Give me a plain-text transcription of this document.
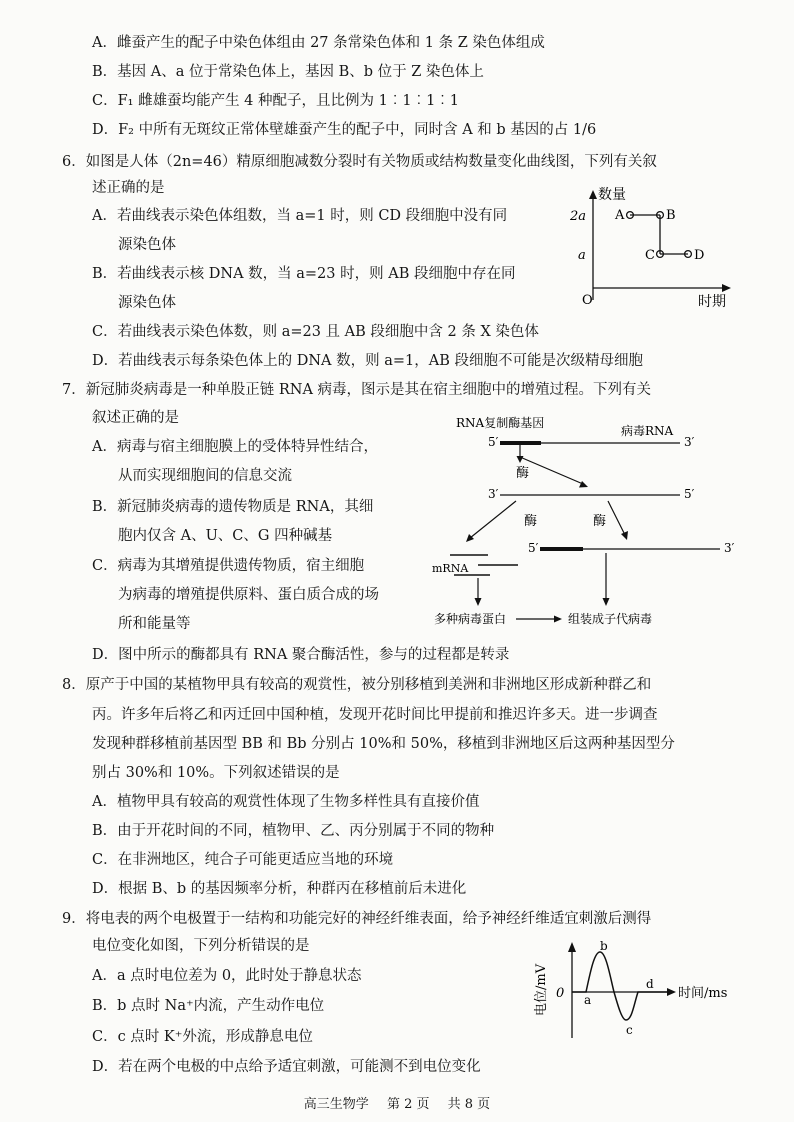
A．雌蚕产生的配子中染色体组由 27 条常染色体和 1 条 Z 染色体组成
B．基因 A、a 位于常染色体上，基因 B、b 位于 Z 染色体上
C．F₁ 雌雄蚕均能产生 4 种配子，且比例为 1︰1︰1︰1
D．F₂ 中所有无斑纹正常体壁雄蚕产生的配子中，同时含 A 和 b 基因的占 1/6
6．如图是人体（2n=46）精原细胞减数分裂时有关物质或结构数量变化曲线图，下列有关叙
述正确的是
A．若曲线表示染色体组数，当 a=1 时，则 CD 段细胞中没有同
源染色体
B．若曲线表示核 DNA 数，当 a=23 时，则 AB 段细胞中存在同
源染色体
C．若曲线表示染色体数，则 a=23 且 AB 段细胞中含 2 条 X 染色体
D．若曲线表示每条染色体上的 DNA 数，则 a=1，AB 段细胞不可能是次级精母细胞
数量
时期
O
2a
a
A	B
C	D
7．新冠肺炎病毒是一种单股正链 RNA 病毒，图示是其在宿主细胞中的增殖过程。下列有关
叙述正确的是
A．病毒与宿主细胞膜上的受体特异性结合，
从而实现细胞间的信息交流
B．新冠肺炎病毒的遗传物质是 RNA，其细
胞内仅含 A、U、C、G 四种碱基
C．病毒为其增殖提供遗传物质，宿主细胞
为病毒的增殖提供原料、蛋白质合成的场
所和能量等
D．图中所示的酶都具有 RNA 聚合酶活性，参与的过程都是转录
RNA复制酶基因
病毒RNA
5′	3′
酶
3′	5′
酶	酶
5′	3′
mRNA
多种病毒蛋白	组装成子代病毒
8．原产于中国的某植物甲具有较高的观赏性，被分别移植到美洲和非洲地区形成新种群乙和
丙。许多年后将乙和丙迁回中国种植，发现开花时间比甲提前和推迟许多天。进一步调查
发现种群移植前基因型 BB 和 Bb 分别占 10%和 50%，移植到非洲地区后这两种基因型分
别占 30%和 10%。下列叙述错误的是
A．植物甲具有较高的观赏性体现了生物多样性具有直接价值
B．由于开花时间的不同，植物甲、乙、丙分别属于不同的物种
C．在非洲地区，纯合子可能更适应当地的环境
D．根据 B、b 的基因频率分析，种群丙在移植前后未进化
9．将电表的两个电极置于一结构和功能完好的神经纤维表面，给予神经纤维适宜刺激后测得
电位变化如图，下列分析错误的是
A．a 点时电位差为 0，此时处于静息状态
B．b 点时 Na⁺内流，产生动作电位
C．c 点时 K⁺外流，形成静息电位
D．若在两个电极的中点给予适宜刺激，可能测不到电位变化
电位/mV	时间/ms
0 a
b
c
d
高三生物学 第 2 页 共 8 页
